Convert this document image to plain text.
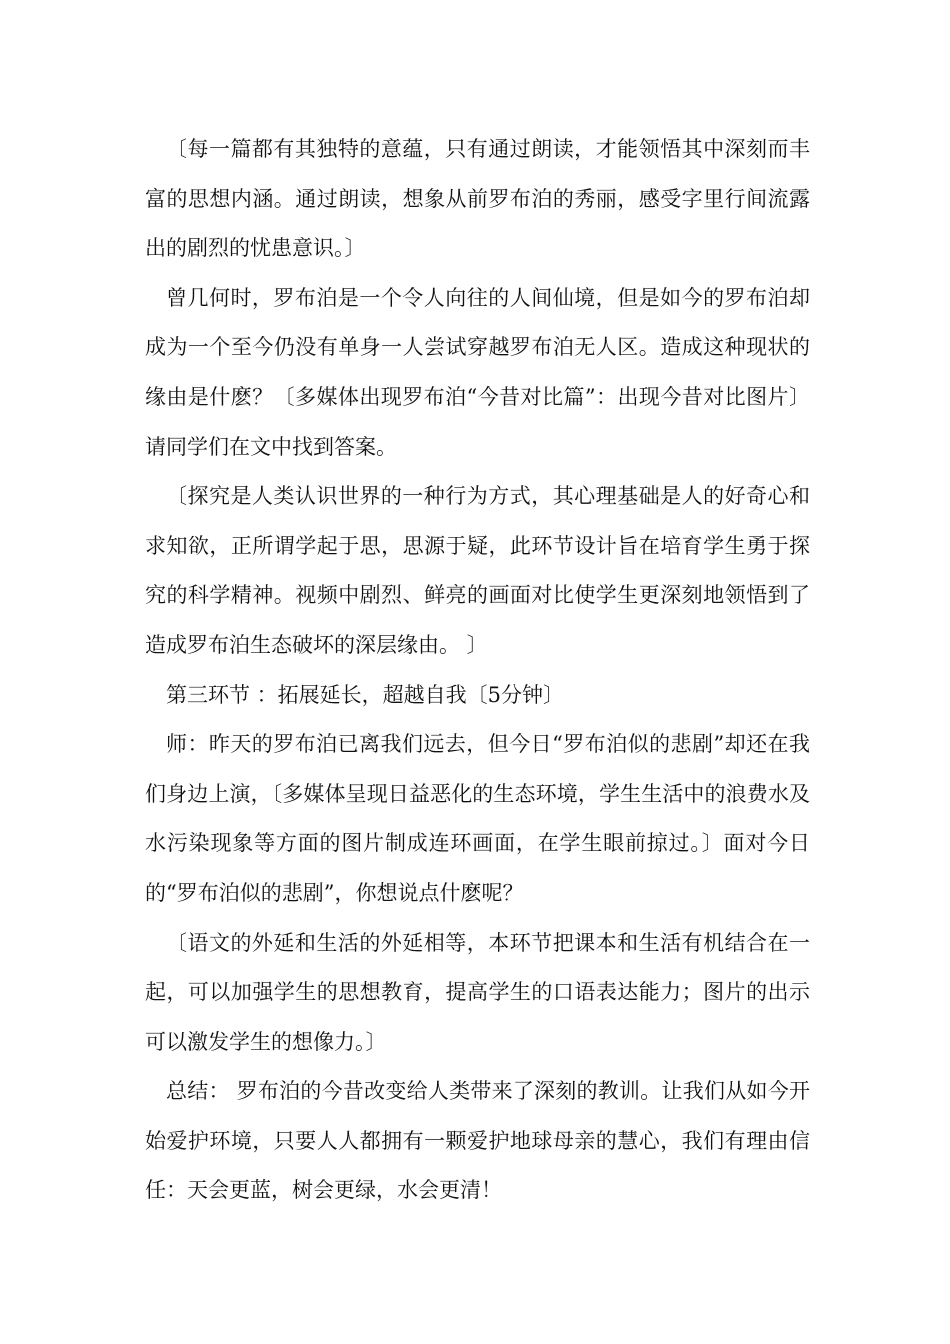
〔每一篇都有其独特的意蕴，只有通过朗读，才能领悟其中深刻而丰富的思想内涵。通过朗读，想象从前罗布泊的秀丽，感受字里行间流露出的剧烈的忧患意识。〕

曾几何时，罗布泊是一个令人向往的人间仙境，但是如今的罗布泊却成为一个至今仍没有单身一人尝试穿越罗布泊无人区。造成这种现状的缘由是什麽？〔多媒体出现罗布泊“今昔对比篇”：出现今昔对比图片〕请同学们在文中找到答案。

〔探究是人类认识世界的一种行为方式，其心理基础是人的好奇心和求知欲，正所谓学起于思，思源于疑，此环节设计旨在培育学生勇于探究的科学精神。视频中剧烈、鲜亮的画面对比使学生更深刻地领悟到了造成罗布泊生态破坏的深层缘由。 〕

第三环节 ：拓展延长，超越自我〔5分钟〕

师：昨天的罗布泊已离我们远去，但今日“罗布泊似的悲剧”却还在我们身边上演，〔多媒体呈现日益恶化的生态环境，学生生活中的浪费水及水污染现象等方面的图片制成连环画面，在学生眼前掠过。〕面对今日的“罗布泊似的悲剧”，你想说点什麽呢？

〔语文的外延和生活的外延相等，本环节把课本和生活有机结合在一起，可以加强学生的思想教育，提高学生的口语表达能力；图片的出示可以激发学生的想像力。〕

总结： 罗布泊的今昔改变给人类带来了深刻的教训。让我们从如今开始爱护环境，只要人人都拥有一颗爱护地球母亲的慧心，我们有理由信任：天会更蓝，树会更绿，水会更清！
